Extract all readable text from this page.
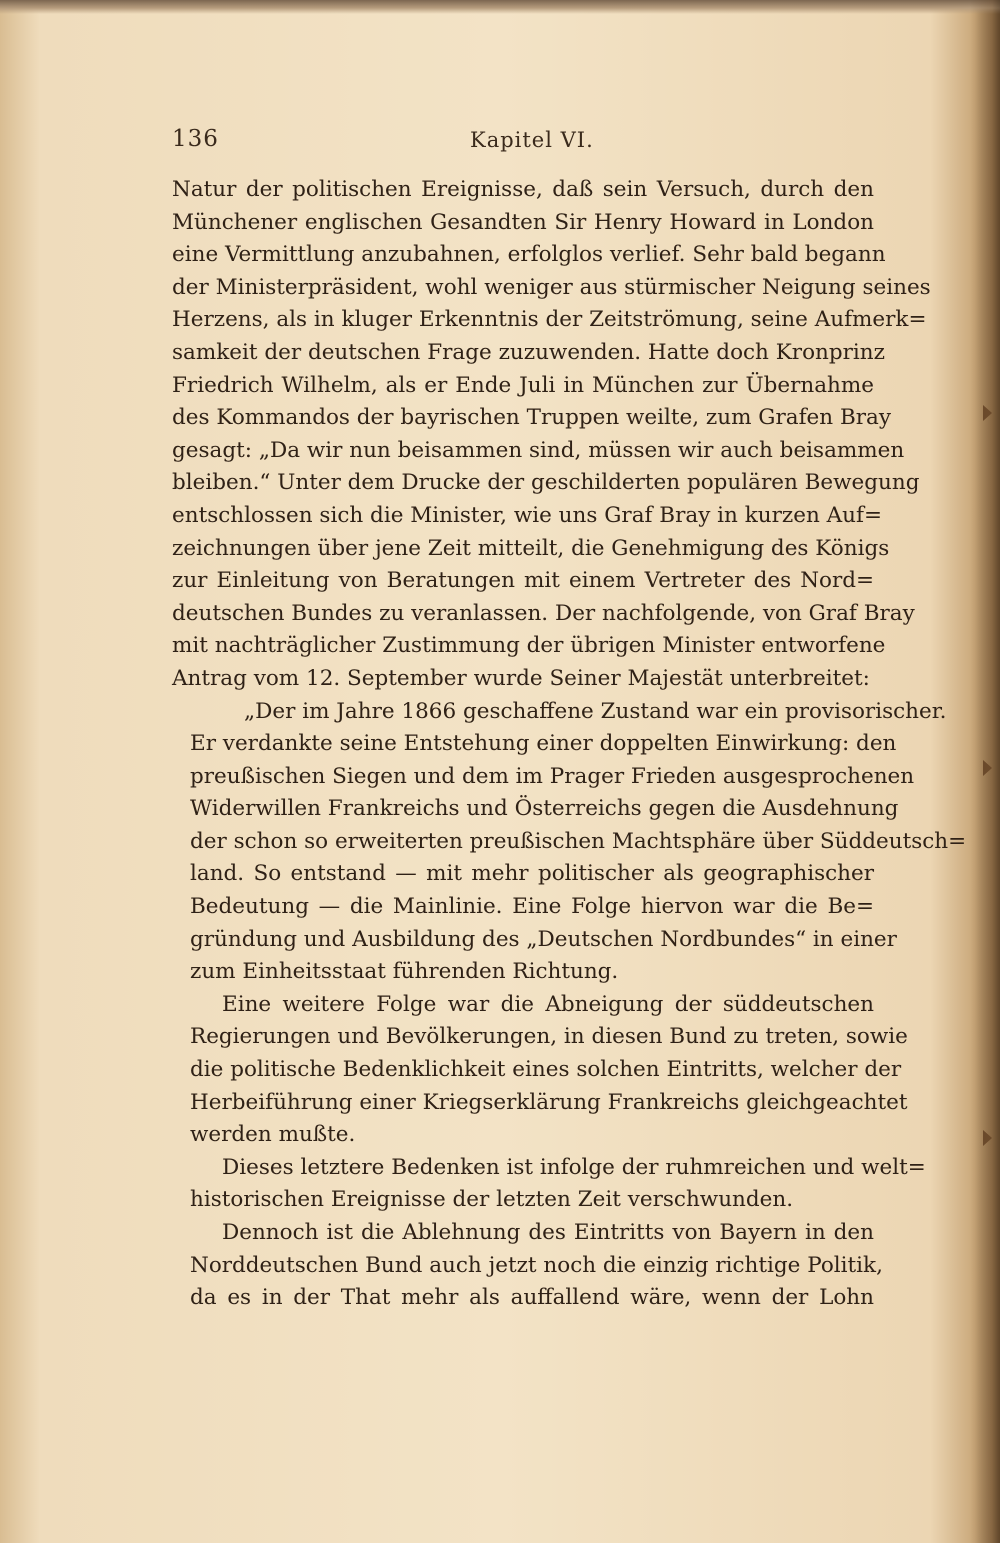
136	Kapitel VI.
Natur der politischen Ereignisse, daß sein Versuch, durch den
Münchener englischen Gesandten Sir Henry Howard in London
eine Vermittlung anzubahnen, erfolglos verlief. Sehr bald begann
der Ministerpräsident, wohl weniger aus stürmischer Neigung seines
Herzens, als in kluger Erkenntnis der Zeitströmung, seine Aufmerk=
samkeit der deutschen Frage zuzuwenden. Hatte doch Kronprinz
Friedrich Wilhelm, als er Ende Juli in München zur Übernahme
des Kommandos der bayrischen Truppen weilte, zum Grafen Bray
gesagt: „Da wir nun beisammen sind, müssen wir auch beisammen
bleiben.“ Unter dem Drucke der geschilderten populären Bewegung
entschlossen sich die Minister, wie uns Graf Bray in kurzen Auf=
zeichnungen über jene Zeit mitteilt, die Genehmigung des Königs
zur Einleitung von Beratungen mit einem Vertreter des Nord=
deutschen Bundes zu veranlassen. Der nachfolgende, von Graf Bray
mit nachträglicher Zustimmung der übrigen Minister entworfene
Antrag vom 12. September wurde Seiner Majestät unterbreitet:
„Der im Jahre 1866 geschaffene Zustand war ein provisorischer.
Er verdankte seine Entstehung einer doppelten Einwirkung: den
preußischen Siegen und dem im Prager Frieden ausgesprochenen
Widerwillen Frankreichs und Österreichs gegen die Ausdehnung
der schon so erweiterten preußischen Machtsphäre über Süddeutsch=
land. So entstand — mit mehr politischer als geographischer
Bedeutung — die Mainlinie. Eine Folge hiervon war die Be=
gründung und Ausbildung des „Deutschen Nordbundes“ in einer
zum Einheitsstaat führenden Richtung.
Eine weitere Folge war die Abneigung der süddeutschen
Regierungen und Bevölkerungen, in diesen Bund zu treten, sowie
die politische Bedenklichkeit eines solchen Eintritts, welcher der
Herbeiführung einer Kriegserklärung Frankreichs gleichgeachtet
werden mußte.
Dieses letztere Bedenken ist infolge der ruhmreichen und welt=
historischen Ereignisse der letzten Zeit verschwunden.
Dennoch ist die Ablehnung des Eintritts von Bayern in den
Norddeutschen Bund auch jetzt noch die einzig richtige Politik,
da es in der That mehr als auffallend wäre, wenn der Lohn
